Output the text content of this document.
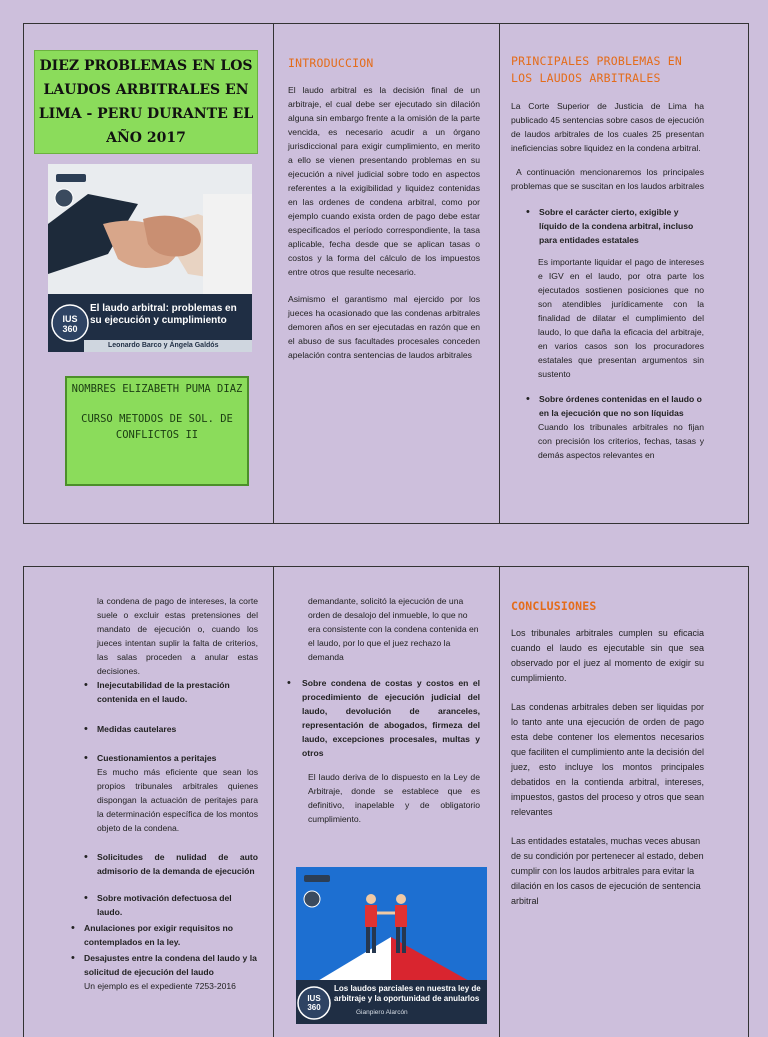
DIEZ PROBLEMAS EN LOS LAUDOS ARBITRALES EN LIMA - PERU DURANTE EL AÑO 2017
IUS 360
El laudo arbitral: problemas en su ejecución y cumplimiento
Leonardo Barco y Ángela Galdós
NOMBRES ELIZABETH PUMA DIAZ
CURSO METODOS DE SOL. DE CONFLICTOS II
INTRODUCCION

El laudo arbitral es la decisión final de un arbitraje, el cual debe ser ejecutado sin dilación alguna sin embargo frente a la omisión de la parte vencida, es necesario acudir a un órgano jurisdiccional para exigir cumplimiento, en merito a ello se vienen presentando problemas en su ejecución a nivel judicial sobre todo en aspectos referentes a la exigibilidad y liquidez contenidas en las ordenes de condena arbitral, como por ejemplo cuando exista orden de pago debe estar especificados el período correspondiente, la tasa aplicable, fecha desde que se aplican tasas o costos y la forma del cálculo de los impuestos entre otros que resulte necesario.

Asimismo el garantismo mal ejercido por los jueces ha ocasionado que las condenas arbitrales demoren años en ser ejecutadas en razón que en el abuso de sus facultades procesales conceden apelación contra sentencias de laudos arbitrales

PRINCIPALES PROBLEMAS EN LOS LAUDOS ARBITRALES

La Corte Superior de Justicia de Lima ha publicado 45 sentencias sobre casos de ejecución de laudos arbitrales de los cuales 25 presentan ineficiencias sobre liquidez en la condena arbitral.

A continuación mencionaremos los principales problemas que se suscitan en los laudos arbitrales

• Sobre el carácter cierto, exigible y líquido de la condena arbitral, incluso para entidades estatales

Es importante liquidar el pago de intereses e IGV en el laudo, por otra parte los ejecutados sostienen posiciones que no son atendibles jurídicamente con la finalidad de dilatar el cumplimiento del laudo, lo que daña la eficacia del arbitraje, en varios casos son los procuradores estatales que presentan argumentos sin sustento

• Sobre órdenes contenidas en el laudo o en la ejecución que no son líquidas

Cuando los tribunales arbitrales no fijan con precisión los criterios, fechas, tasas y demás aspectos relevantes en

la condena de pago de intereses, la corte suele o excluir estas pretensiones del mandato de ejecución o, cuando los jueces intentan suplir la falta de criterios, las salas proceden a anular estas decisiones.

• Inejecutabilidad de la prestación contenida en el laudo.
• Medidas cautelares
• Cuestionamientos a peritajes

Es mucho más eficiente que sean los propios tribunales arbitrales quienes dispongan la actuación de peritajes para la determinación específica de los montos objeto de la condena.

• Solicitudes de nulidad de auto admisorio de la demanda de ejecución
• Sobre motivación defectuosa del laudo.
• Anulaciones por exigir requisitos no contemplados en la ley.
• Desajustes entre la condena del laudo y la solicitud de ejecución del laudo

Un ejemplo es el expediente 7253-2016

demandante, solicitó la ejecución de una orden de desalojo del inmueble, lo que no era consistente con la condena contenida en el laudo, por lo que el juez rechazo la demanda

• Sobre condena de costas y costos en el procedimiento de ejecución judicial del laudo, devolución de aranceles, representación de abogados, firmeza del laudo, excepciones procesales, multas y otros

El laudo deriva de lo dispuesto en la Ley de Arbitraje, donde se establece que es definitivo, inapelable y de obligatorio cumplimiento.

IUS 360
Los laudos parciales en nuestra ley de arbitraje y la oportunidad de anularlos
Gianpiero Alarcón
CONCLUSIONES

Los tribunales arbitrales cumplen su eficacia cuando el laudo es ejecutable sin que sea observado por el juez al momento de exigir su cumplimiento.

Las condenas arbitrales deben ser liquidas por lo tanto ante una ejecución de orden de pago esta debe contener los elementos necesarios que faciliten el cumplimiento ante la decisión del juez, esto incluye los montos principales debatidos en la contienda arbitral, intereses, impuestos, gastos del proceso y otros que sean relevantes

Las entidades estatales, muchas veces abusan de su condición por pertenecer al estado, deben cumplir con los laudos arbitrales para evitar la dilación en los casos de ejecución de sentencia arbitral
